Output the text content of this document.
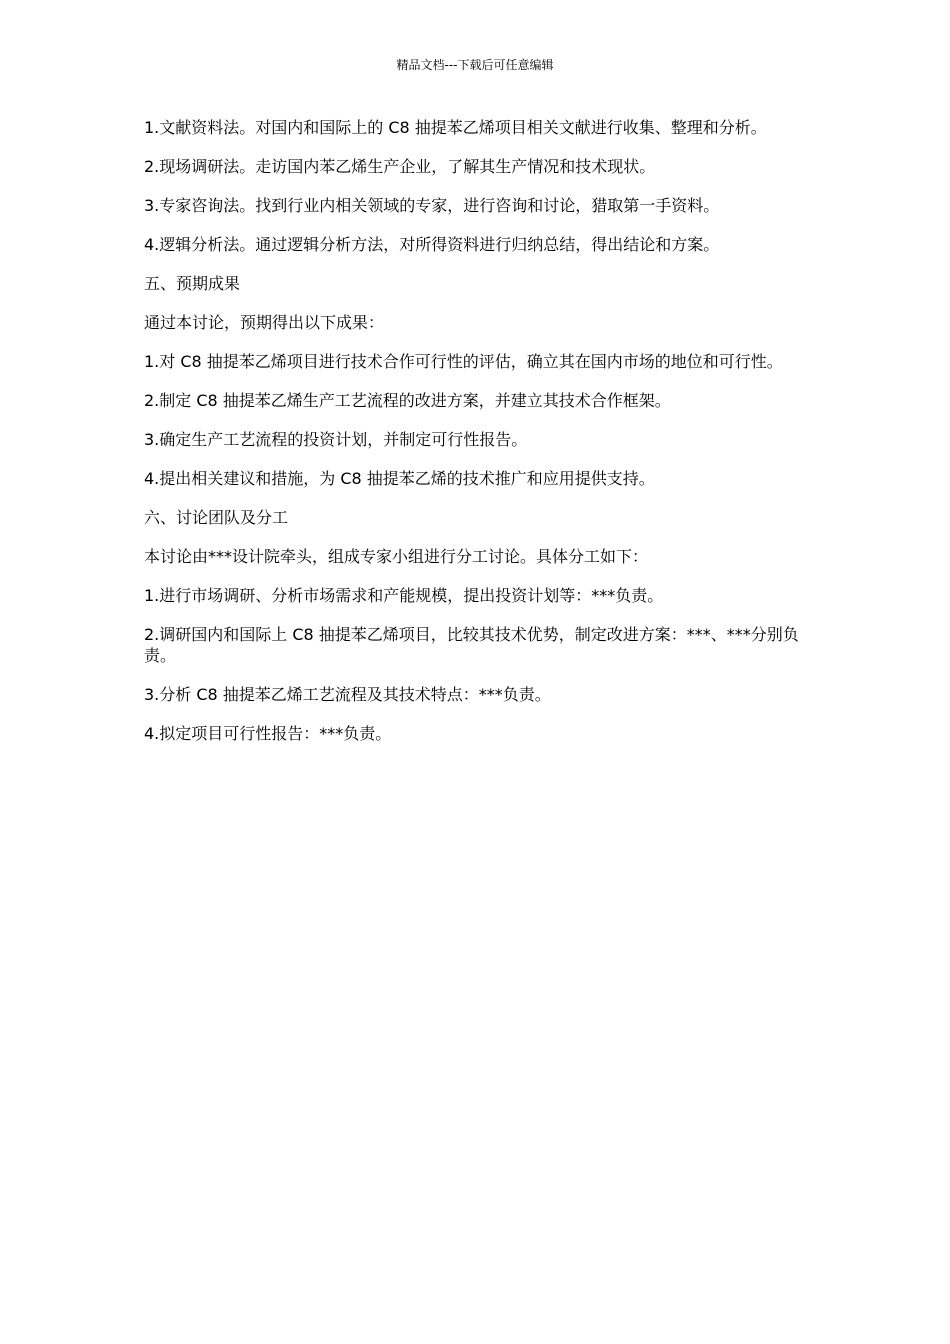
精品文档---下载后可任意编辑

1.文献资料法。对国内和国际上的 C8 抽提苯乙烯项目相关文献进行收集、整理和分析。

2.现场调研法。走访国内苯乙烯生产企业，了解其生产情况和技术现状。

3.专家咨询法。找到行业内相关领域的专家，进行咨询和讨论，猎取第一手资料。

4.逻辑分析法。通过逻辑分析方法，对所得资料进行归纳总结，得出结论和方案。

五、预期成果

通过本讨论，预期得出以下成果：

1.对 C8 抽提苯乙烯项目进行技术合作可行性的评估，确立其在国内市场的地位和可行性。

2.制定 C8 抽提苯乙烯生产工艺流程的改进方案，并建立其技术合作框架。

3.确定生产工艺流程的投资计划，并制定可行性报告。

4.提出相关建议和措施，为 C8 抽提苯乙烯的技术推广和应用提供支持。

六、讨论团队及分工

本讨论由***设计院牵头，组成专家小组进行分工讨论。具体分工如下：

1.进行市场调研、分析市场需求和产能规模，提出投资计划等：***负责。

2.调研国内和国际上 C8 抽提苯乙烯项目，比较其技术优势，制定改进方案：***、***分别负责。

3.分析 C8 抽提苯乙烯工艺流程及其技术特点：***负责。

4.拟定项目可行性报告：***负责。
